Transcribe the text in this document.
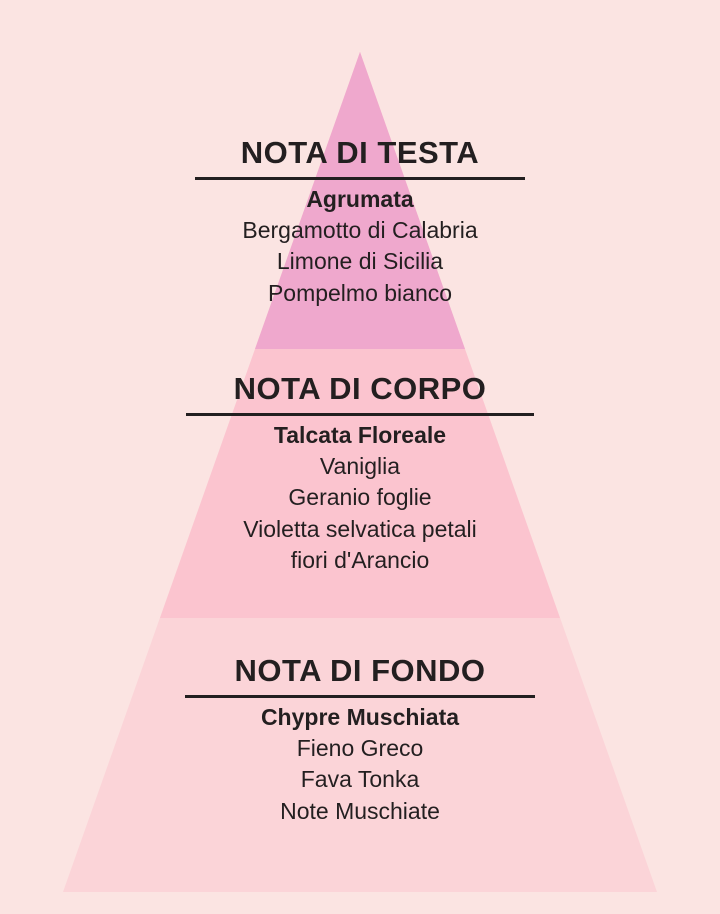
NOTA DI TESTA
Agrumata
Bergamotto di Calabria
Limone di Sicilia
Pompelmo bianco
NOTA DI CORPO
Talcata Floreale
Vaniglia
Geranio foglie
Violetta selvatica petali
fiori d'Arancio
NOTA DI FONDO
Chypre Muschiata
Fieno Greco
Fava Tonka
Note Muschiate
